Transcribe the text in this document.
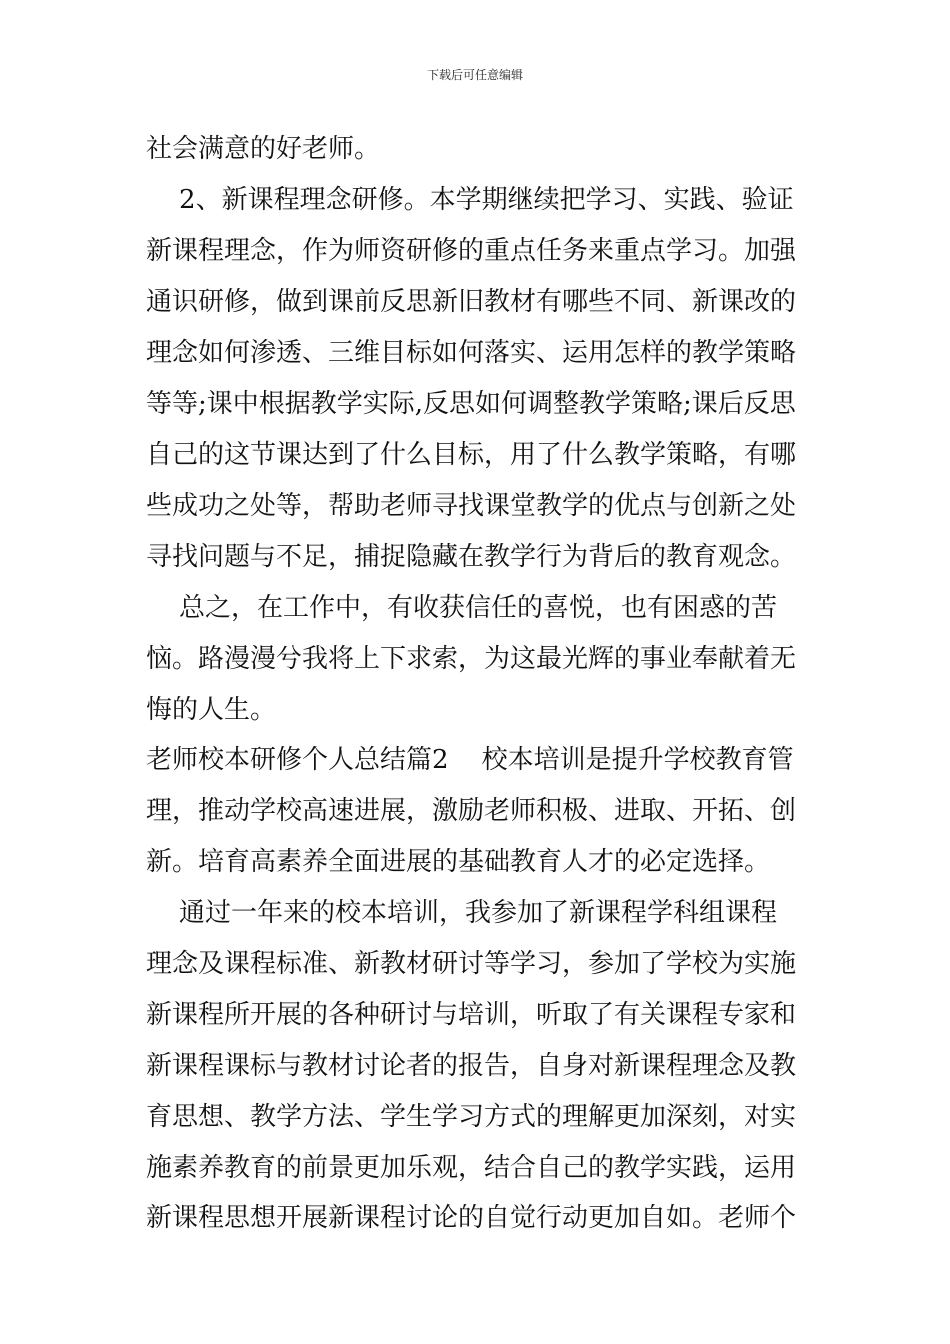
下载后可任意编辑
社会满意的好老师。
2、新课程理念研修。本学期继续把学习、实践、验证
新课程理念，作为师资研修的重点任务来重点学习。加强
通识研修，做到课前反思新旧教材有哪些不同、新课改的
理念如何渗透、三维目标如何落实、运用怎样的教学策略
等等;课中根据教学实际,反思如何调整教学策略;课后反思
自己的这节课达到了什么目标，用了什么教学策略，有哪
些成功之处等，帮助老师寻找课堂教学的优点与创新之处
寻找问题与不足，捕捉隐藏在教学行为背后的教育观念。
总之，在工作中，有收获信任的喜悦，也有困惑的苦
恼。路漫漫兮我将上下求索，为这最光辉的事业奉献着无
悔的人生。
老师校本研修个人总结篇2    校本培训是提升学校教育管
理，推动学校高速进展，激励老师积极、进取、开拓、创
新。培育高素养全面进展的基础教育人才的必定选择。
通过一年来的校本培训，我参加了新课程学科组课程
理念及课程标准、新教材研讨等学习，参加了学校为实施
新课程所开展的各种研讨与培训，听取了有关课程专家和
新课程课标与教材讨论者的报告，自身对新课程理念及教
育思想、教学方法、学生学习方式的理解更加深刻，对实
施素养教育的前景更加乐观，结合自己的教学实践，运用
新课程思想开展新课程讨论的自觉行动更加自如。老师个
